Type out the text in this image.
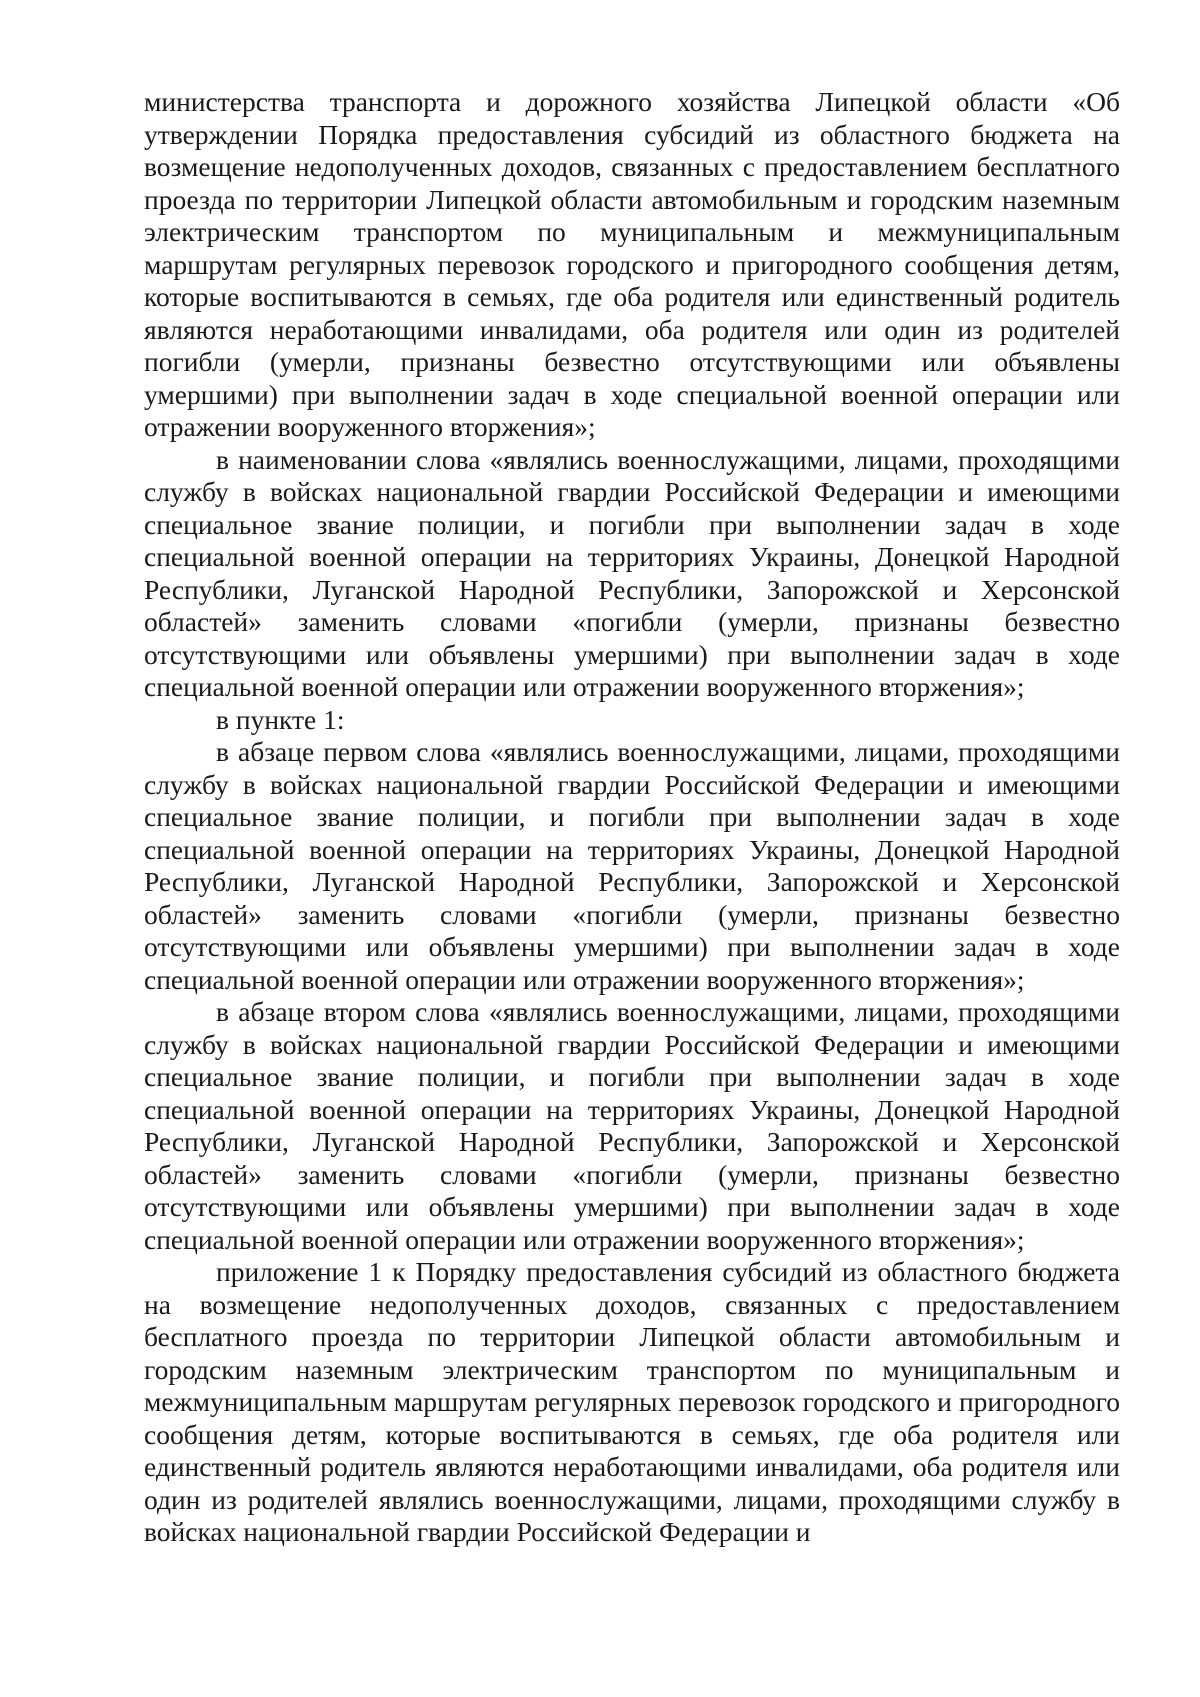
министерства транспорта и дорожного хозяйства Липецкой области «Об утверждении Порядка предоставления субсидий из областного бюджета на возмещение недополученных доходов, связанных с предоставлением бесплатного проезда по территории Липецкой области автомобильным и городским наземным электрическим транспортом по муниципальным и межмуниципальным маршрутам регулярных перевозок городского и пригородного сообщения детям, которые воспитываются в семьях, где оба родителя или единственный родитель являются неработающими инвалидами, оба родителя или один из родителей погибли (умерли, признаны безвестно отсутствующими или объявлены умершими) при выполнении задач в ходе специальной военной операции или отражении вооруженного вторжения»;

в наименовании слова «являлись военнослужащими, лицами, проходящими службу в войсках национальной гвардии Российской Федерации и имеющими специальное звание полиции, и погибли при выполнении задач в ходе специальной военной операции на территориях Украины, Донецкой Народной Республики, Луганской Народной Республики, Запорожской и Херсонской областей» заменить словами «погибли (умерли, признаны безвестно отсутствующими или объявлены умершими) при выполнении задач в ходе специальной военной операции или отражении вооруженного вторжения»;

в пункте 1:

в абзаце первом слова «являлись военнослужащими, лицами, проходящими службу в войсках национальной гвардии Российской Федерации и имеющими специальное звание полиции, и погибли при выполнении задач в ходе специальной военной операции на территориях Украины, Донецкой Народной Республики, Луганской Народной Республики, Запорожской и Херсонской областей» заменить словами «погибли (умерли, признаны безвестно отсутствующими или объявлены умершими) при выполнении задач в ходе специальной военной операции или отражении вооруженного вторжения»;

в абзаце втором слова «являлись военнослужащими, лицами, проходящими службу в войсках национальной гвардии Российской Федерации и имеющими специальное звание полиции, и погибли при выполнении задач в ходе специальной военной операции на территориях Украины, Донецкой Народной Республики, Луганской Народной Республики, Запорожской и Херсонской областей» заменить словами «погибли (умерли, признаны безвестно отсутствующими или объявлены умершими) при выполнении задач в ходе специальной военной операции или отражении вооруженного вторжения»;

приложение 1 к Порядку предоставления субсидий из областного бюджета на возмещение недополученных доходов, связанных с предоставлением бесплатного проезда по территории Липецкой области автомобильным и городским наземным электрическим транспортом по муниципальным и межмуниципальным маршрутам регулярных перевозок городского и пригородного сообщения детям, которые воспитываются в семьях, где оба родителя или единственный родитель являются неработающими инвалидами, оба родителя или один из родителей являлись военнослужащими, лицами, проходящими службу в войсках национальной гвардии Российской Федерации и
